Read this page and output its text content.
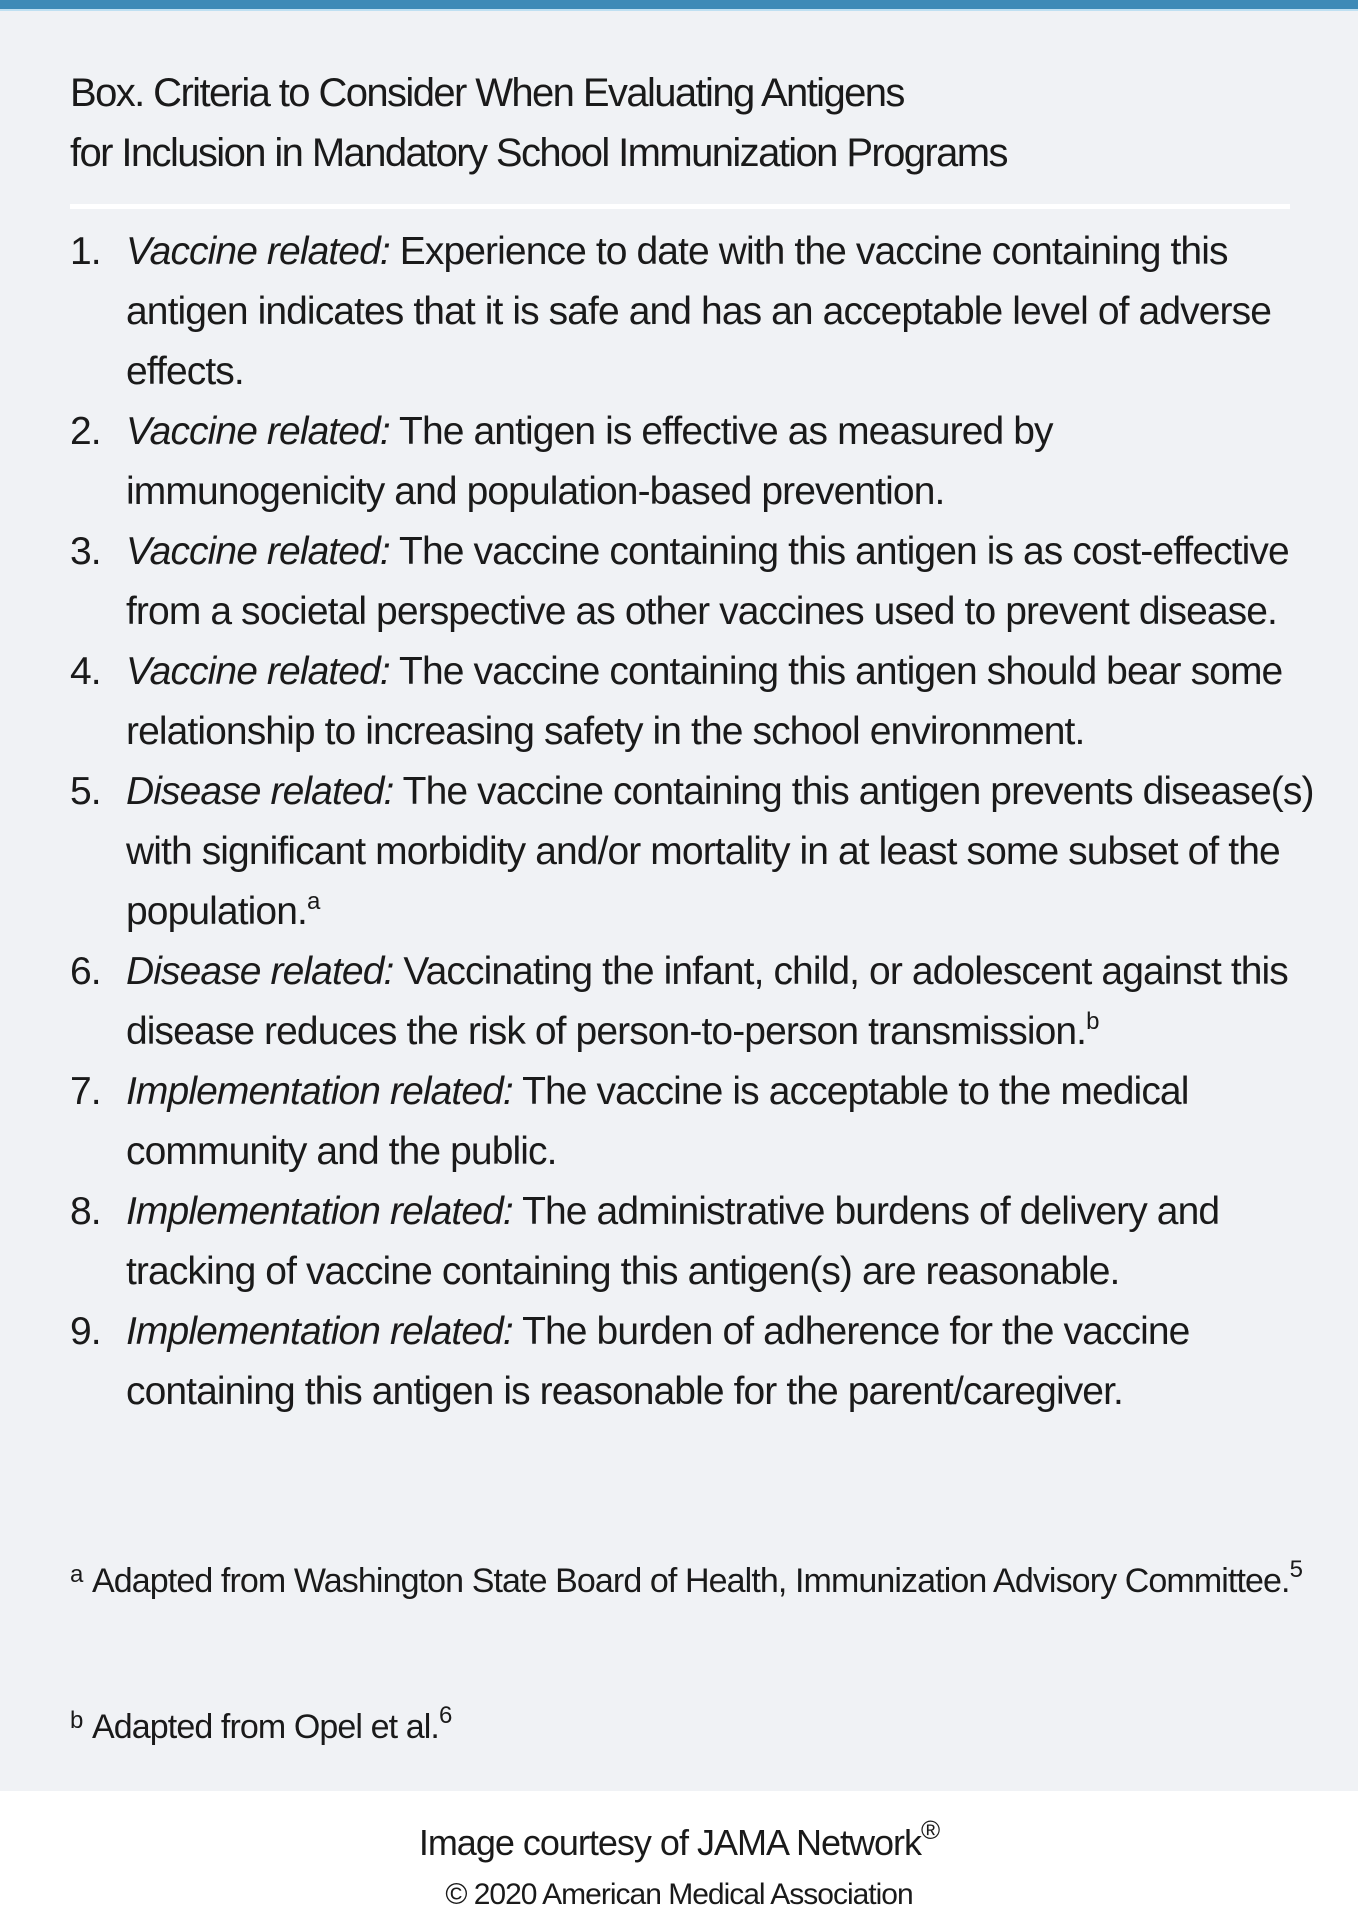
Box. Criteria to Consider When Evaluating Antigens
for Inclusion in Mandatory School Immunization Programs
1. Vaccine related: Experience to date with the vaccine containing this antigen indicates that it is safe and has an acceptable level of adverse effects.
2. Vaccine related: The antigen is effective as measured by immunogenicity and population-based prevention.
3. Vaccine related: The vaccine containing this antigen is as cost-effective from a societal perspective as other vaccines used to prevent disease.
4. Vaccine related: The vaccine containing this antigen should bear some relationship to increasing safety in the school environment.
5. Disease related: The vaccine containing this antigen prevents disease(s) with significant morbidity and/or mortality in at least some subset of the population.$^a$
6. Disease related: Vaccinating the infant, child, or adolescent against this disease reduces the risk of person-to-person transmission.$^b$
7. Implementation related: The vaccine is acceptable to the medical community and the public.
8. Implementation related: The administrative burdens of delivery and tracking of vaccine containing this antigen(s) are reasonable.
9. Implementation related: The burden of adherence for the vaccine containing this antigen is reasonable for the parent/caregiver.
a Adapted from Washington State Board of Health, Immunization Advisory Committee.$^5$
b Adapted from Opel et al.$^6$
Image courtesy of JAMA Network®
© 2020 American Medical Association
